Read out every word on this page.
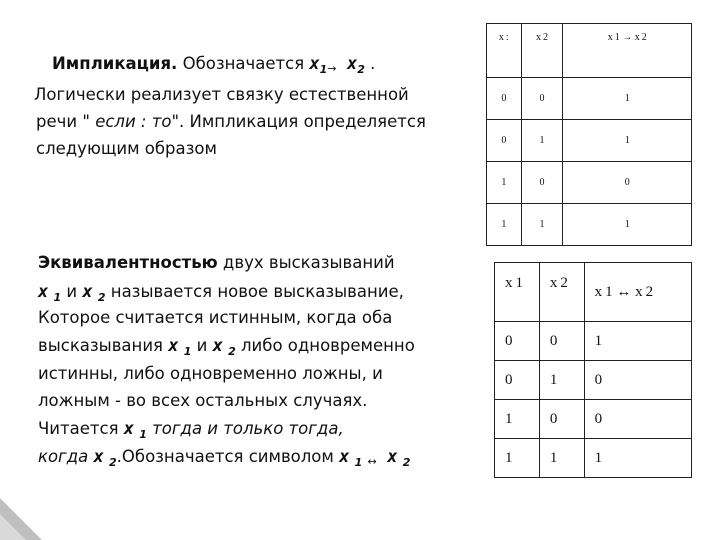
Импликация. Обозначается $x_1\to x_2$ .
Логически реализует связку естественной
речи " если : то". Импликация определяется
следующим образом
Эквивалентностью двух высказываний
x $_1$ и x $_2$ называется новое высказывание,
Которое считается истинным, когда оба
высказывания x $_1$ и x $_2$ либо одновременно
истинны, либо одновременно ложны, и
ложным - во всех остальных случаях.
Читается x $_1$ тогда и только тогда,
когда x $_2$.Обозначается символом x $_1$ ↔ x $_2$
x :	x 2	x 1 → x 2
0	0	1
0	1	1
1	0	0
1	1	1
x 1	x 2	x 1 ↔ x 2
0	0	1
0	1	0
1	0	0
1	1	1
